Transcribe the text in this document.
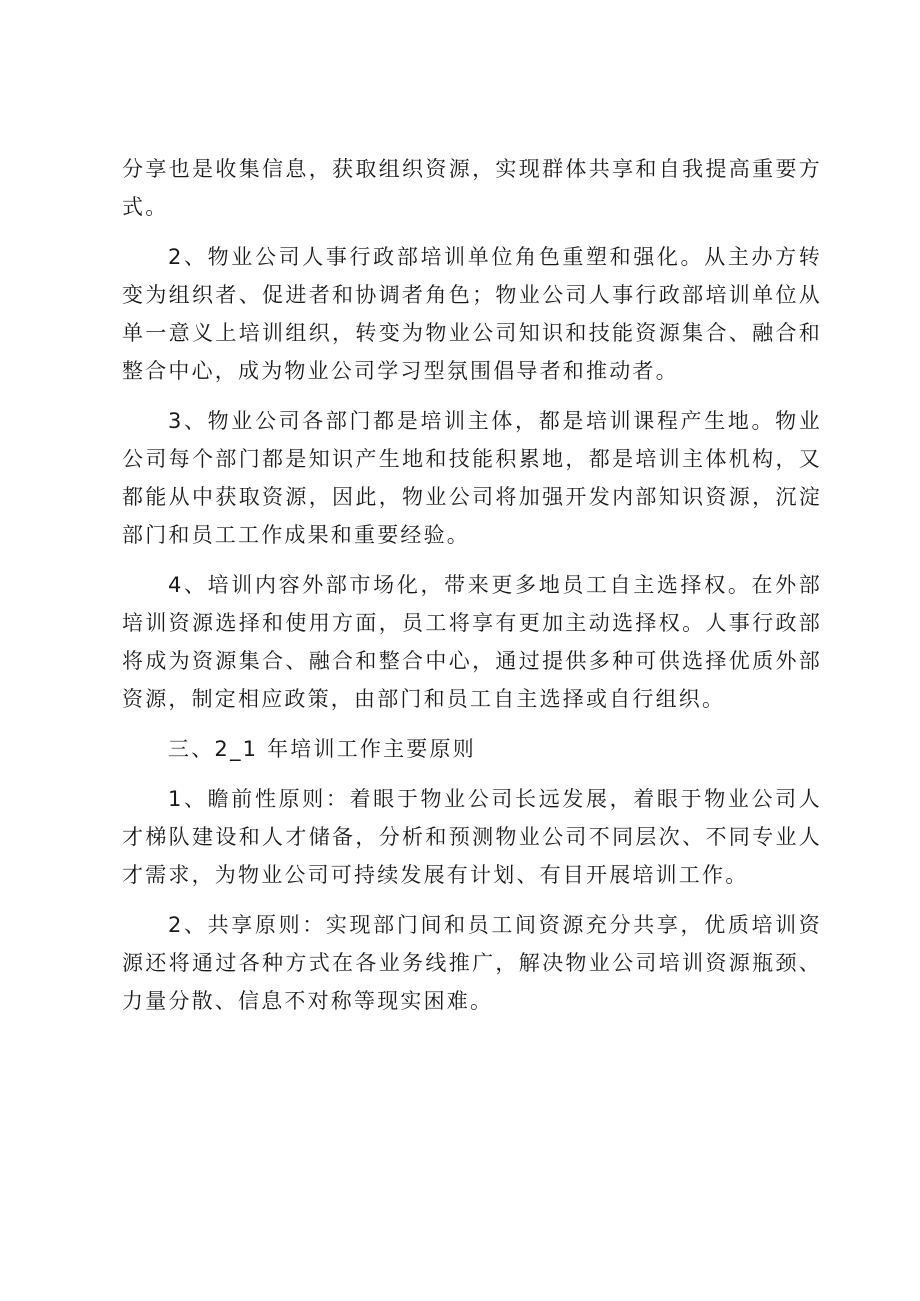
分享也是收集信息，获取组织资源，实现群体共享和自我提高重要方式。

2、物业公司人事行政部培训单位角色重塑和强化。从主办方转变为组织者、促进者和协调者角色；物业公司人事行政部培训单位从单一意义上培训组织，转变为物业公司知识和技能资源集合、融合和整合中心，成为物业公司学习型氛围倡导者和推动者。

3、物业公司各部门都是培训主体，都是培训课程产生地。物业公司每个部门都是知识产生地和技能积累地，都是培训主体机构，又都能从中获取资源，因此，物业公司将加强开发内部知识资源，沉淀部门和员工工作成果和重要经验。

4、培训内容外部市场化，带来更多地员工自主选择权。在外部培训资源选择和使用方面，员工将享有更加主动选择权。人事行政部将成为资源集合、融合和整合中心，通过提供多种可供选择优质外部资源，制定相应政策，由部门和员工自主选择或自行组织。

三、2_1 年培训工作主要原则

1、瞻前性原则：着眼于物业公司长远发展，着眼于物业公司人才梯队建设和人才储备，分析和预测物业公司不同层次、不同专业人才需求，为物业公司可持续发展有计划、有目开展培训工作。

2、共享原则：实现部门间和员工间资源充分共享，优质培训资源还将通过各种方式在各业务线推广，解决物业公司培训资源瓶颈、力量分散、信息不对称等现实困难。
